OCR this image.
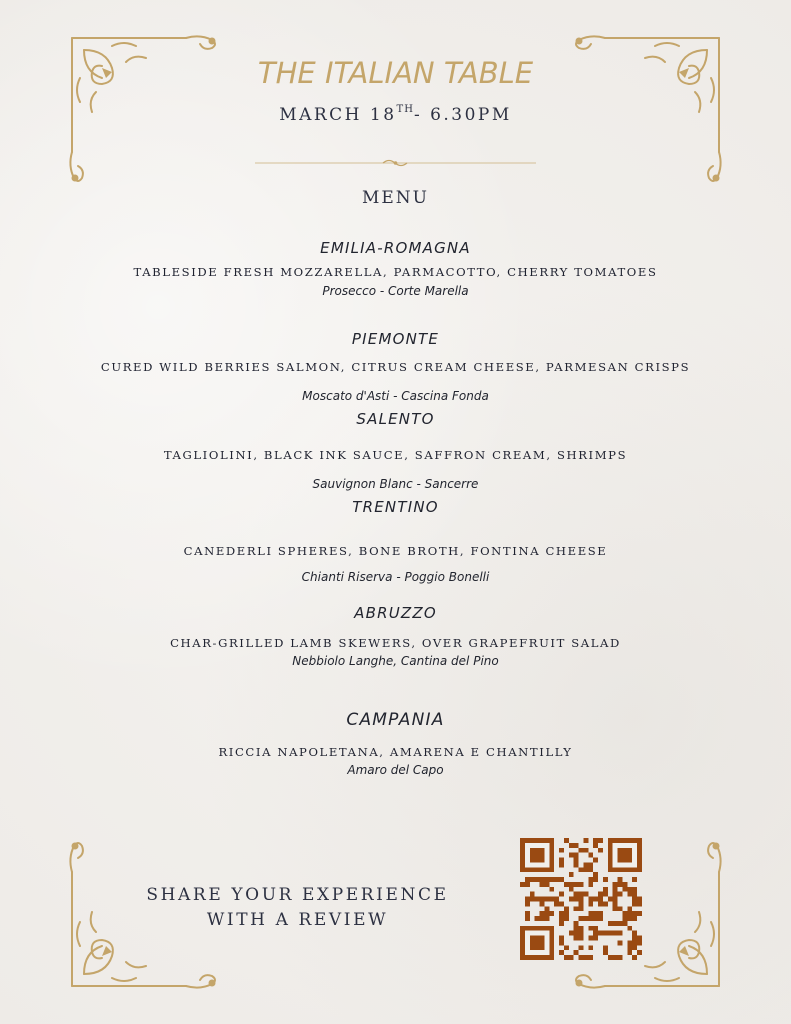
THE ITALIAN TABLE
MARCH 18TH- 6.30PM
MENU
EMILIA-ROMAGNA
TABLESIDE FRESH MOZZARELLA, PARMACOTTO, CHERRY TOMATOES
Prosecco - Corte Marella
PIEMONTE
CURED WILD BERRIES SALMON, CITRUS CREAM CHEESE, PARMESAN CRISPS
Moscato d'Asti - Cascina Fonda
SALENTO
TAGLIOLINI, BLACK INK SAUCE, SAFFRON CREAM, SHRIMPS
Sauvignon Blanc - Sancerre
TRENTINO
CANEDERLI SPHERES, BONE BROTH, FONTINA CHEESE
Chianti Riserva - Poggio Bonelli
ABRUZZO
CHAR-GRILLED LAMB SKEWERS, OVER GRAPEFRUIT SALAD
Nebbiolo Langhe, Cantina del Pino
CAMPANIA
RICCIA NAPOLETANA, AMARENA E CHANTILLY
Amaro del Capo
SHARE YOUR EXPERIENCE
WITH A REVIEW
